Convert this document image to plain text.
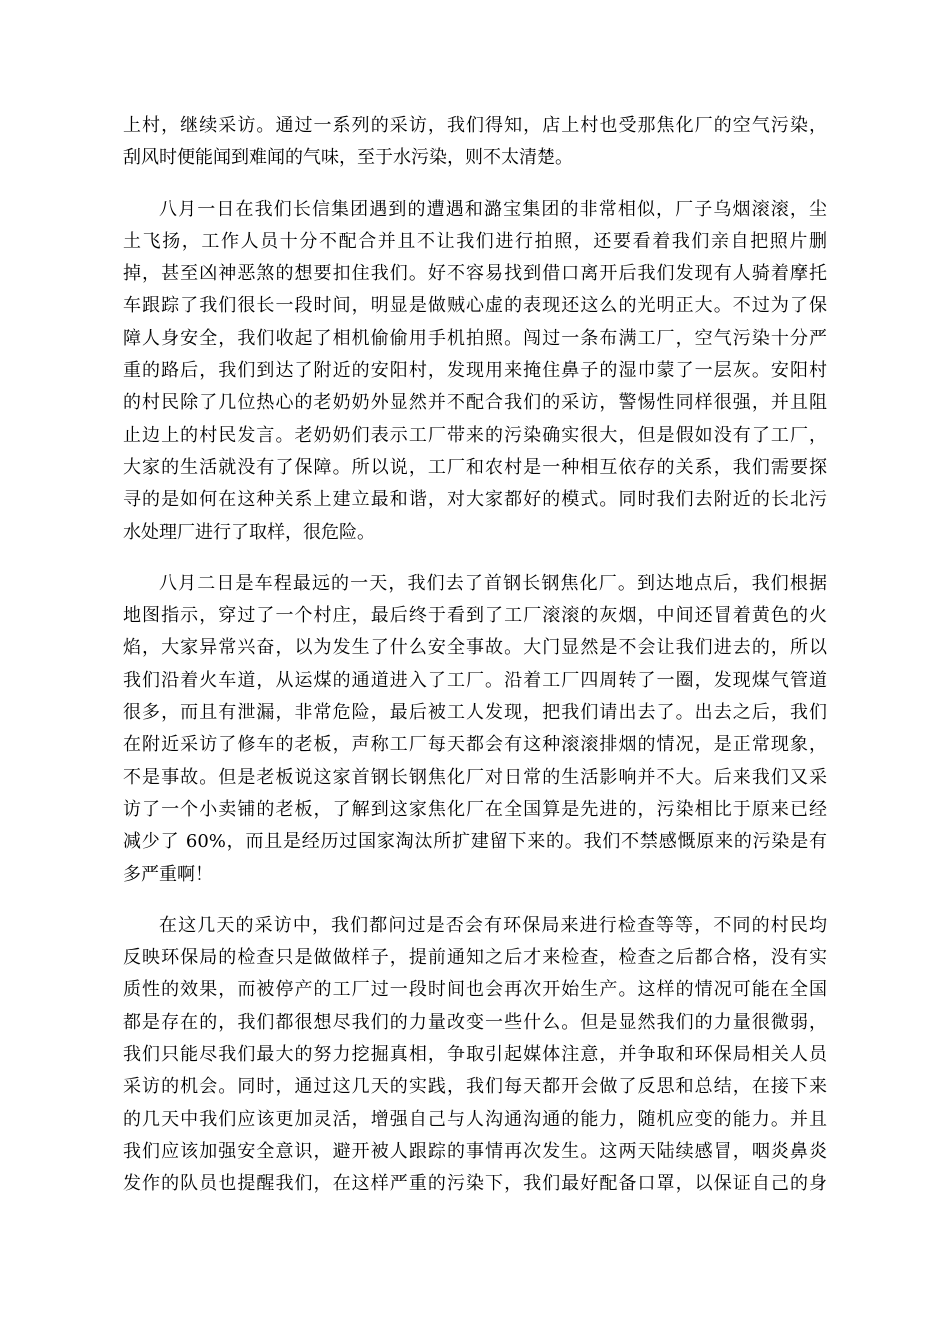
上村，继续采访。通过一系列的采访，我们得知，店上村也受那焦化厂的空气污染，
刮风时便能闻到难闻的气味，至于水污染，则不太清楚。
八月一日在我们长信集团遇到的遭遇和潞宝集团的非常相似，厂子乌烟滚滚，尘
土飞扬，工作人员十分不配合并且不让我们进行拍照，还要看着我们亲自把照片删
掉，甚至凶神恶煞的想要扣住我们。好不容易找到借口离开后我们发现有人骑着摩托
车跟踪了我们很长一段时间，明显是做贼心虚的表现还这么的光明正大。不过为了保
障人身安全，我们收起了相机偷偷用手机拍照。闯过一条布满工厂，空气污染十分严
重的路后，我们到达了附近的安阳村，发现用来掩住鼻子的湿巾蒙了一层灰。安阳村
的村民除了几位热心的老奶奶外显然并不配合我们的采访，警惕性同样很强，并且阻
止边上的村民发言。老奶奶们表示工厂带来的污染确实很大，但是假如没有了工厂，
大家的生活就没有了保障。所以说，工厂和农村是一种相互依存的关系，我们需要探
寻的是如何在这种关系上建立最和谐，对大家都好的模式。同时我们去附近的长北污
水处理厂进行了取样，很危险。
八月二日是车程最远的一天，我们去了首钢长钢焦化厂。到达地点后，我们根据
地图指示，穿过了一个村庄，最后终于看到了工厂滚滚的灰烟，中间还冒着黄色的火
焰，大家异常兴奋，以为发生了什么安全事故。大门显然是不会让我们进去的，所以
我们沿着火车道，从运煤的通道进入了工厂。沿着工厂四周转了一圈，发现煤气管道
很多，而且有泄漏，非常危险，最后被工人发现，把我们请出去了。出去之后，我们
在附近采访了修车的老板，声称工厂每天都会有这种滚滚排烟的情况，是正常现象，
不是事故。但是老板说这家首钢长钢焦化厂对日常的生活影响并不大。后来我们又采
访了一个小卖铺的老板，了解到这家焦化厂在全国算是先进的，污染相比于原来已经
减少了 60%，而且是经历过国家淘汰所扩建留下来的。我们不禁感慨原来的污染是有
多严重啊！
在这几天的采访中，我们都问过是否会有环保局来进行检查等等，不同的村民均
反映环保局的检查只是做做样子，提前通知之后才来检查，检查之后都合格，没有实
质性的效果，而被停产的工厂过一段时间也会再次开始生产。这样的情况可能在全国
都是存在的，我们都很想尽我们的力量改变一些什么。但是显然我们的力量很微弱，
我们只能尽我们最大的努力挖掘真相，争取引起媒体注意，并争取和环保局相关人员
采访的机会。同时，通过这几天的实践，我们每天都开会做了反思和总结，在接下来
的几天中我们应该更加灵活，增强自己与人沟通沟通的能力，随机应变的能力。并且
我们应该加强安全意识，避开被人跟踪的事情再次发生。这两天陆续感冒，咽炎鼻炎
发作的队员也提醒我们，在这样严重的污染下，我们最好配备口罩，以保证自己的身
